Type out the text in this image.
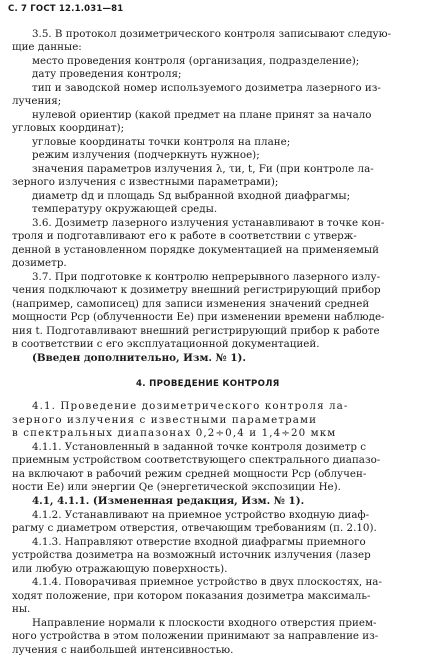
С. 7 ГОСТ 12.1.031—81
3.5. В протокол дозиметрического контроля записывают следую-
щие данные:
место проведения контроля (организация, подразделение);
дату проведения контроля;
тип и заводской номер используемого дозиметра лазерного из-
лучения;
нулевой ориентир (какой предмет на плане принят за начало
угловых координат);
угловые координаты точки контроля на плане;
режим излучения (подчеркнуть нужное);
значения параметров излучения λ, τи, t, Fи (при контроле ла-
зерного излучения с известными параметрами);
диаметр dд и площадь Sд выбранной входной диафрагмы;
температуру окружающей среды.
3.6. Дозиметр лазерного излучения устанавливают в точке кон-
троля и подготавливают его к работе в соответствии с утверж-
денной в установленном порядке документацией на применяемый
дозиметр.
3.7. При подготовке к контролю непрерывного лазерного излу-
чения подключают к дозиметру внешний регистрирующий прибор
(например, самописец) для записи изменения значений средней
мощности Pср (облученности Ee) при изменении времени наблюде-
ния t. Подготавливают внешний регистрирующий прибор к работе
в соответствии с его эксплуатационной документацией.
(Введен дополнительно, Изм. № 1).
4. ПРОВЕДЕНИЕ КОНТРОЛЯ
4.1. Проведение дозиметрического контроля ла-
зерного излучения с известными параметрами
в спектральных диапазонах 0,2÷0,4 и 1,4÷20 мкм
4.1.1. Установленный в заданной точке контроля дозиметр с
приемным устройством соответствующего спектрального диапазо-
на включают в рабочий режим средней мощности Pср (облучен-
ности Ee) или энергии Qe (энергетической экспозиции He).
4.1, 4.1.1. (Измененная редакция, Изм. № 1).
4.1.2. Устанавливают на приемное устройство входную диаф-
рагму с диаметром отверстия, отвечающим требованиям (п. 2.10).
4.1.3. Направляют отверстие входной диафрагмы приемного
устройства дозиметра на возможный источник излучения (лазер
или любую отражающую поверхность).
4.1.4. Поворачивая приемное устройство в двух плоскостях, на-
ходят положение, при котором показания дозиметра максималь-
ны.
Направление нормали к плоскости входного отверстия прием-
ного устройства в этом положении принимают за направление из-
лучения с наибольшей интенсивностью.
